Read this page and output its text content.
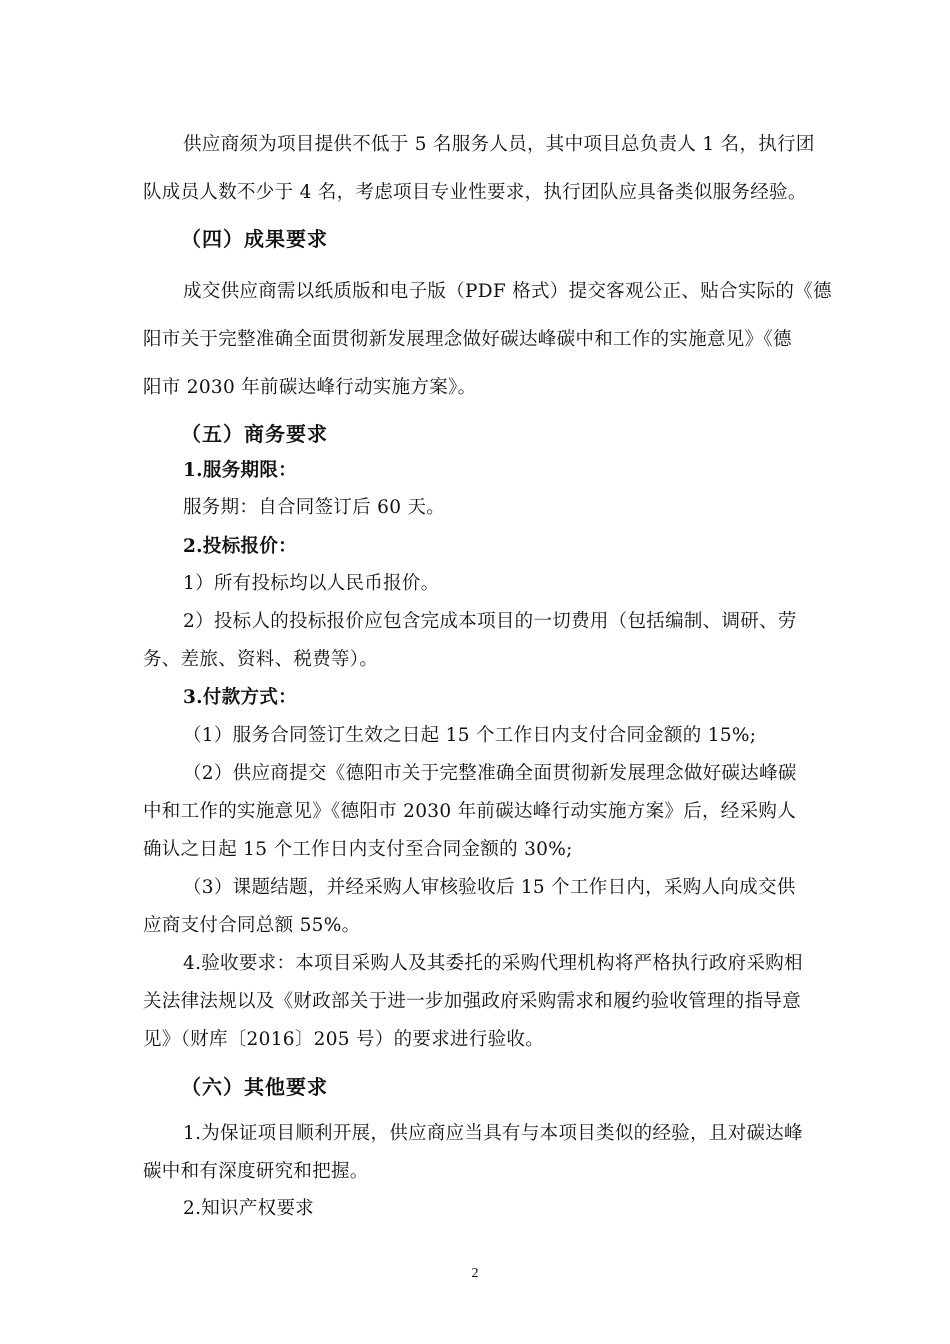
供应商须为项目提供不低于 5 名服务人员，其中项目总负责人 1 名，执行团
队成员人数不少于 4 名，考虑项目专业性要求，执行团队应具备类似服务经验。
（四）成果要求
成交供应商需以纸质版和电子版（PDF 格式）提交客观公正、贴合实际的《德
阳市关于完整准确全面贯彻新发展理念做好碳达峰碳中和工作的实施意见》《德
阳市 2030 年前碳达峰行动实施方案》。
（五）商务要求
1.服务期限：
服务期：自合同签订后 60 天。
2.投标报价：
1）所有投标均以人民币报价。
2）投标人的投标报价应包含完成本项目的一切费用（包括编制、调研、劳
务、差旅、资料、税费等）。
3.付款方式：
（1）服务合同签订生效之日起 15 个工作日内支付合同金额的 15%;
（2）供应商提交《德阳市关于完整准确全面贯彻新发展理念做好碳达峰碳
中和工作的实施意见》《德阳市 2030 年前碳达峰行动实施方案》后，经采购人
确认之日起 15 个工作日内支付至合同金额的 30%;
（3）课题结题，并经采购人审核验收后 15 个工作日内，采购人向成交供
应商支付合同总额 55%。
4.验收要求：本项目采购人及其委托的采购代理机构将严格执行政府采购相
关法律法规以及《财政部关于进一步加强政府采购需求和履约验收管理的指导意
见》（财库〔2016〕205 号）的要求进行验收。
（六）其他要求
1.为保证项目顺利开展，供应商应当具有与本项目类似的经验，且对碳达峰
碳中和有深度研究和把握。
2.知识产权要求
2
